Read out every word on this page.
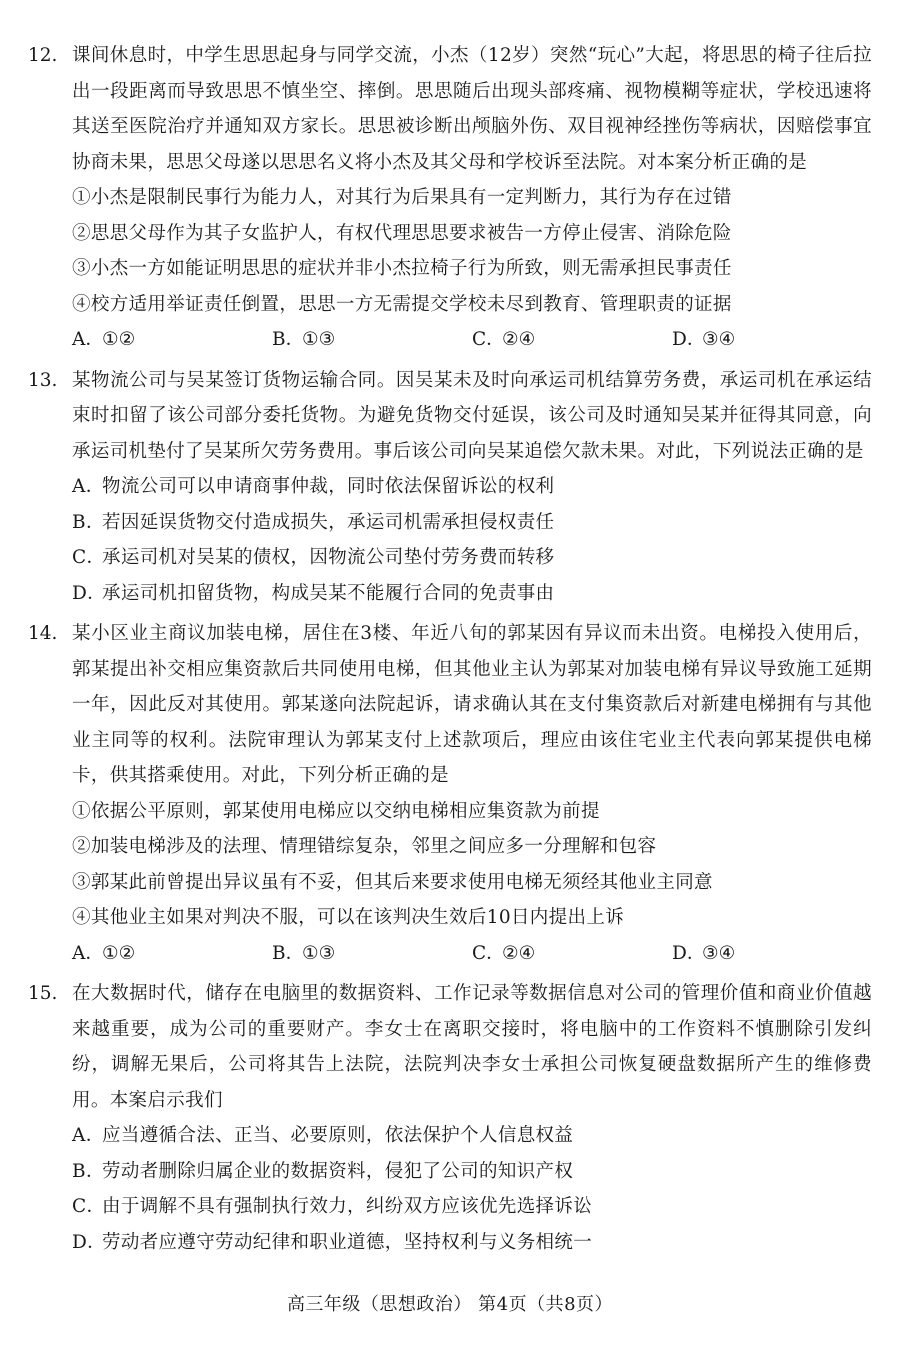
12. 课间休息时，中学生思思起身与同学交流，小杰（12岁）突然“玩心”大起，将思思的椅子往后拉出一段距离而导致思思不慎坐空、摔倒。思思随后出现头部疼痛、视物模糊等症状，学校迅速将其送至医院治疗并通知双方家长。思思被诊断出颅脑外伤、双目视神经挫伤等病状，因赔偿事宜协商未果，思思父母遂以思思名义将小杰及其父母和学校诉至法院。对本案分析正确的是

①小杰是限制民事行为能力人，对其行为后果具有一定判断力，其行为存在过错

②思思父母作为其子女监护人，有权代理思思要求被告一方停止侵害、消除危险

③小杰一方如能证明思思的症状并非小杰拉椅子行为所致，则无需承担民事责任

④校方适用举证责任倒置，思思一方无需提交学校未尽到教育、管理职责的证据

A．①②	B．①③	C．②④	D．③④
13. 某物流公司与吴某签订货物运输合同。因吴某未及时向承运司机结算劳务费，承运司机在承运结束时扣留了该公司部分委托货物。为避免货物交付延误，该公司及时通知吴某并征得其同意，向承运司机垫付了吴某所欠劳务费用。事后该公司向吴某追偿欠款未果。对此，下列说法正确的是

A．物流公司可以申请商事仲裁，同时依法保留诉讼的权利

B．若因延误货物交付造成损失，承运司机需承担侵权责任

C．承运司机对吴某的债权，因物流公司垫付劳务费而转移

D．承运司机扣留货物，构成吴某不能履行合同的免责事由

14. 某小区业主商议加装电梯，居住在3楼、年近八旬的郭某因有异议而未出资。电梯投入使用后，郭某提出补交相应集资款后共同使用电梯，但其他业主认为郭某对加装电梯有异议导致施工延期一年，因此反对其使用。郭某遂向法院起诉，请求确认其在支付集资款后对新建电梯拥有与其他业主同等的权利。法院审理认为郭某支付上述款项后，理应由该住宅业主代表向郭某提供电梯卡，供其搭乘使用。对此，下列分析正确的是

①依据公平原则，郭某使用电梯应以交纳电梯相应集资款为前提

②加装电梯涉及的法理、情理错综复杂，邻里之间应多一分理解和包容

③郭某此前曾提出异议虽有不妥，但其后来要求使用电梯无须经其他业主同意

④其他业主如果对判决不服，可以在该判决生效后10日内提出上诉

A．①②	B．①③	C．②④	D．③④
15. 在大数据时代，储存在电脑里的数据资料、工作记录等数据信息对公司的管理价值和商业价值越来越重要，成为公司的重要财产。李女士在离职交接时，将电脑中的工作资料不慎删除引发纠纷，调解无果后，公司将其告上法院，法院判决李女士承担公司恢复硬盘数据所产生的维修费用。本案启示我们

A．应当遵循合法、正当、必要原则，依法保护个人信息权益

B．劳动者删除归属企业的数据资料，侵犯了公司的知识产权

C．由于调解不具有强制执行效力，纠纷双方应该优先选择诉讼

D．劳动者应遵守劳动纪律和职业道德，坚持权利与义务相统一

高三年级（思想政治） 第4页（共8页）
